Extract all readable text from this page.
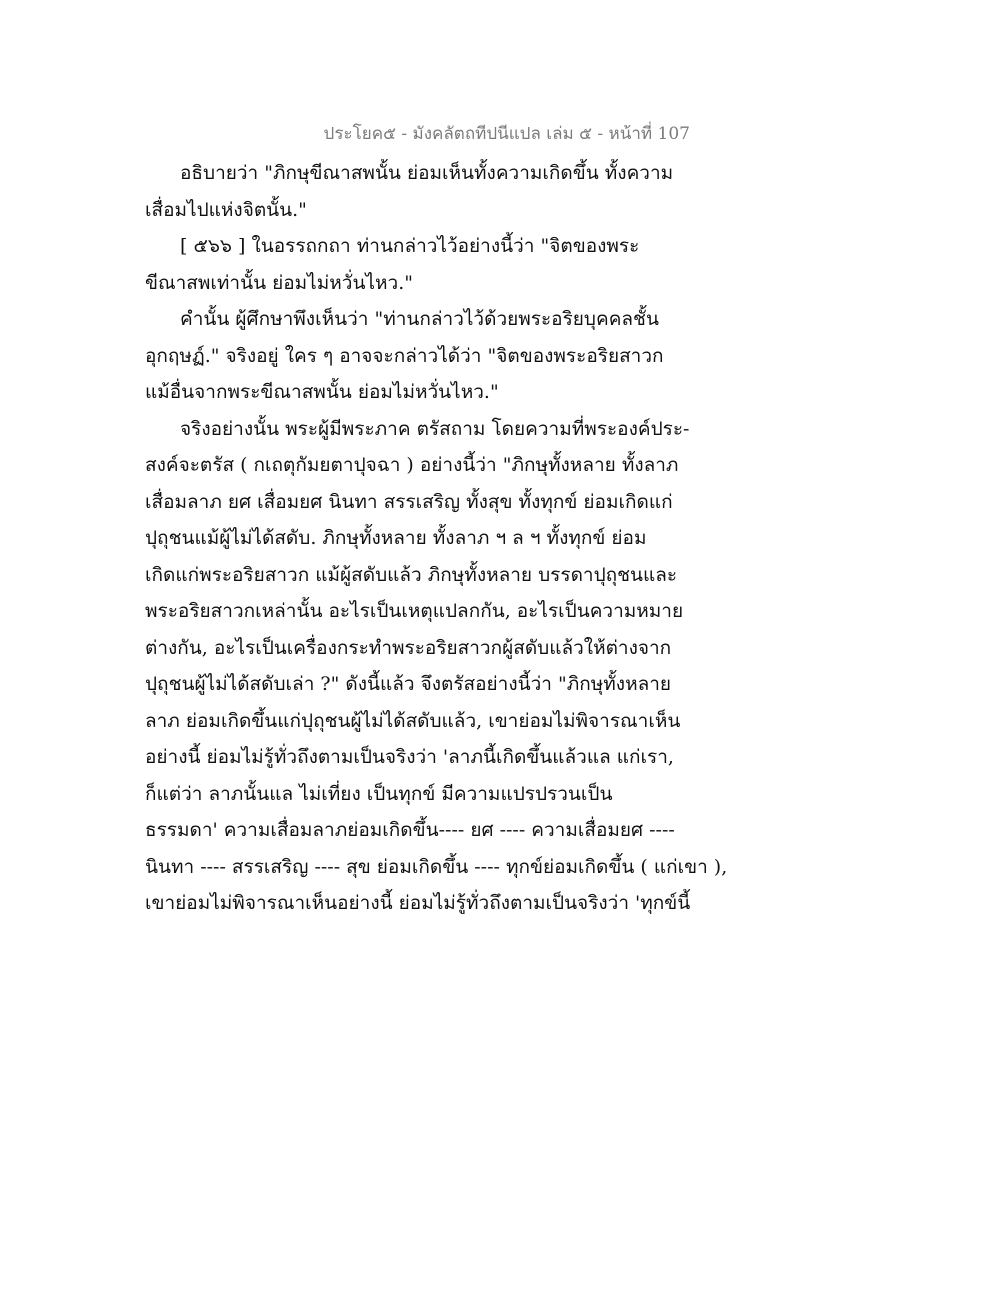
ประโยค๕ - มังคลัตถทีปนีแปล เล่ม ๕ - หน้าที่ 107
อธิบายว่า "ภิกษุขีณาสพนั้น ย่อมเห็นทั้งความเกิดขึ้น ทั้งความ
เสื่อมไปแห่งจิตนั้น."
[ ๕๖๖ ] ในอรรถกถา ท่านกล่าวไว้อย่างนี้ว่า "จิตของพระ
ขีณาสพเท่านั้น ย่อมไม่หวั่นไหว."
คำนั้น ผู้ศึกษาพึงเห็นว่า "ท่านกล่าวไว้ด้วยพระอริยบุคคลชั้น
อุกฤษฏ์." จริงอยู่ ใคร ๆ อาจจะกล่าวได้ว่า "จิตของพระอริยสาวก
แม้อื่นจากพระขีณาสพนั้น ย่อมไม่หวั่นไหว."
จริงอย่างนั้น พระผู้มีพระภาค ตรัสถาม โดยความที่พระองค์ประ-
สงค์จะตรัส ( กเถตุกัมยตาปุจฉา ) อย่างนี้ว่า "ภิกษุทั้งหลาย ทั้งลาภ
เสื่อมลาภ ยศ เสื่อมยศ นินทา สรรเสริญ ทั้งสุข ทั้งทุกข์ ย่อมเกิดแก่
ปุถุชนแม้ผู้ไม่ได้สดับ. ภิกษุทั้งหลาย ทั้งลาภ ฯ ล ฯ ทั้งทุกข์ ย่อม
เกิดแก่พระอริยสาวก แม้ผู้สดับแล้ว ภิกษุทั้งหลาย บรรดาปุถุชนและ
พระอริยสาวกเหล่านั้น อะไรเป็นเหตุแปลกกัน, อะไรเป็นความหมาย
ต่างกัน, อะไรเป็นเครื่องกระทำพระอริยสาวกผู้สดับแล้วให้ต่างจาก
ปุถุชนผู้ไม่ได้สดับเล่า ?" ดังนี้แล้ว จึงตรัสอย่างนี้ว่า "ภิกษุทั้งหลาย
ลาภ ย่อมเกิดขึ้นแก่ปุถุชนผู้ไม่ได้สดับแล้ว, เขาย่อมไม่พิจารณาเห็น
อย่างนี้ ย่อมไม่รู้ทั่วถึงตามเป็นจริงว่า 'ลาภนี้เกิดขึ้นแล้วแล แก่เรา,
ก็แต่ว่า ลาภนั้นแล ไม่เที่ยง เป็นทุกข์ มีความแปรปรวนเป็น
ธรรมดา' ความเสื่อมลาภย่อมเกิดขึ้น---- ยศ ---- ความเสื่อมยศ ----
นินทา ---- สรรเสริญ ---- สุข ย่อมเกิดขึ้น ---- ทุกข์ย่อมเกิดขึ้น ( แก่เขา ),
เขาย่อมไม่พิจารณาเห็นอย่างนี้ ย่อมไม่รู้ทั่วถึงตามเป็นจริงว่า 'ทุกข์นี้
